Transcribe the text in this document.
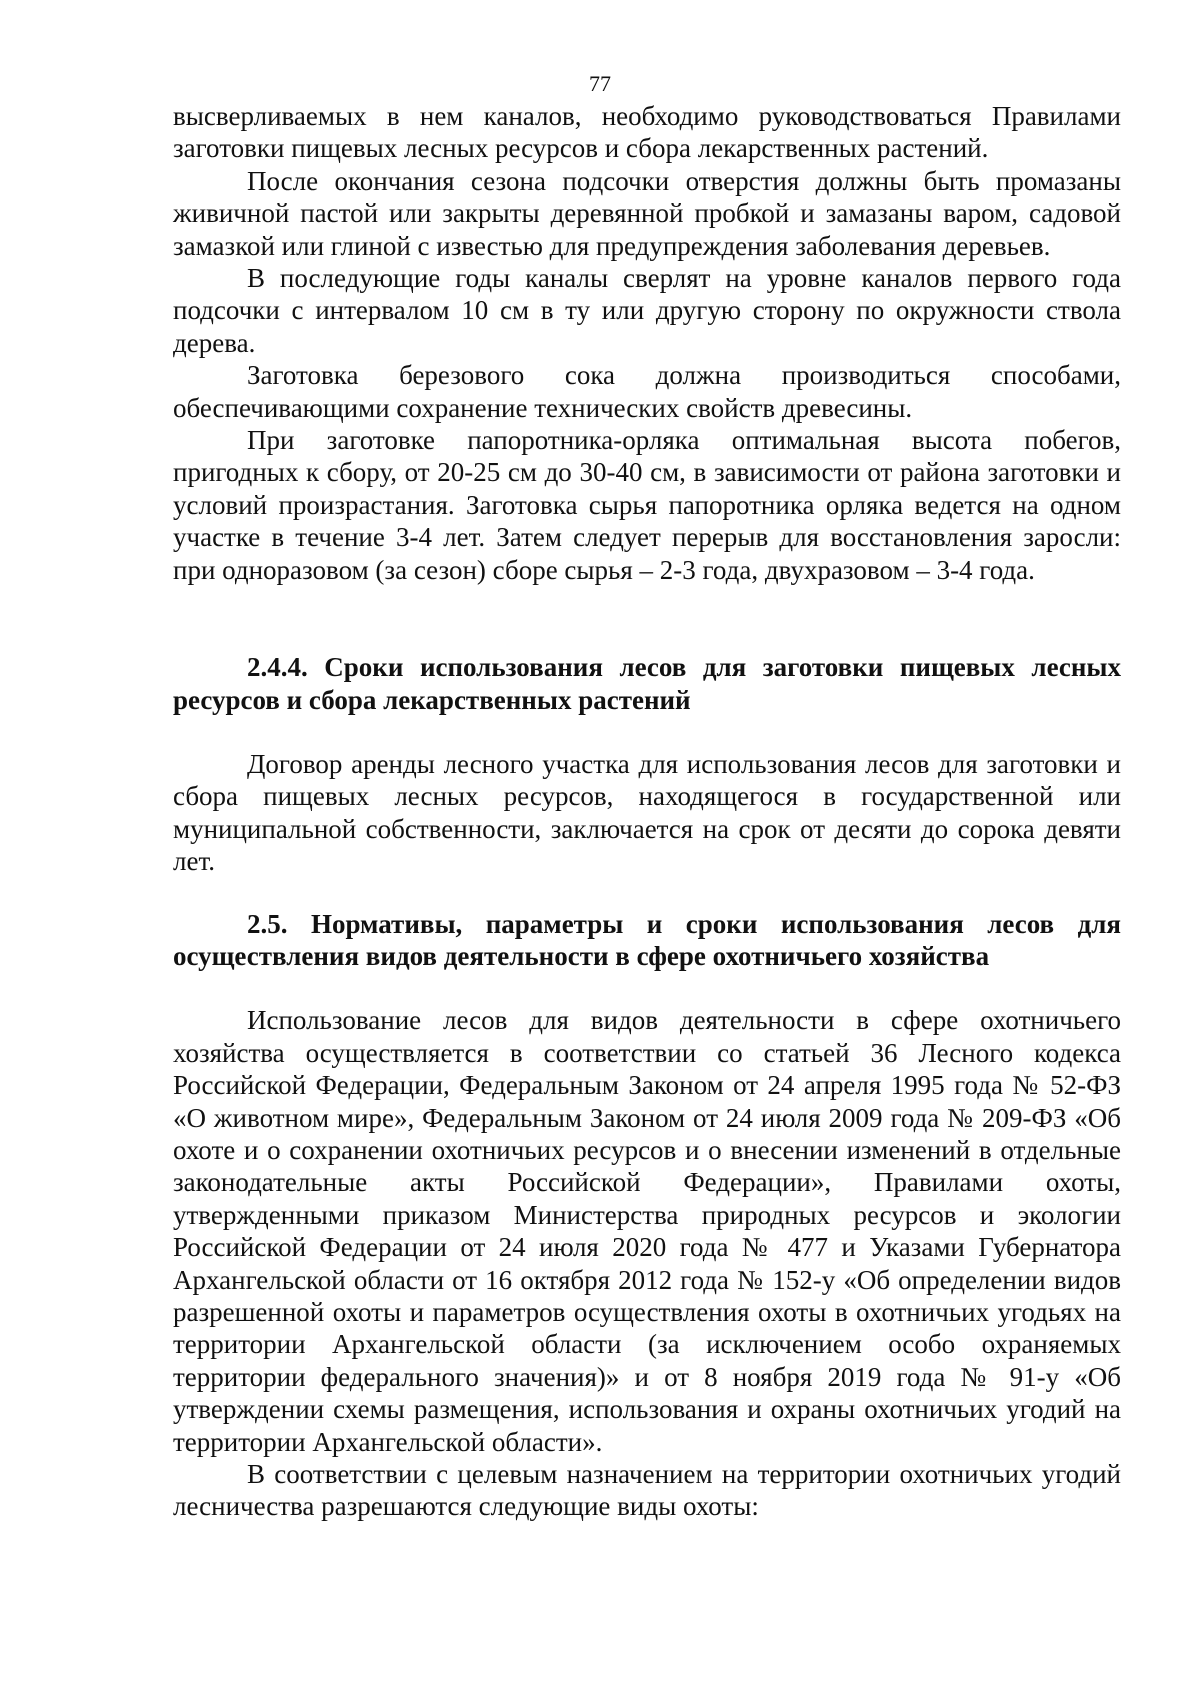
77

высверливаемых в нем каналов, необходимо руководствоваться Правилами заготовки пищевых лесных ресурсов и сбора лекарственных растений.

После окончания сезона подсочки отверстия должны быть промазаны живичной пастой или закрыты деревянной пробкой и замазаны варом, садовой замазкой или глиной с известью для предупреждения заболевания деревьев.

В последующие годы каналы сверлят на уровне каналов первого года подсочки с интервалом 10 см в ту или другую сторону по окружности ствола дерева.

Заготовка березового сока должна производиться способами, обеспечивающими сохранение технических свойств древесины.

При заготовке папоротника-орляка оптимальная высота побегов, пригодных к сбору, от 20-25 см до 30-40 см, в зависимости от района заготовки и условий произрастания. Заготовка сырья папоротника орляка ведется на одном участке в течение 3-4 лет. Затем следует перерыв для восстановления заросли: при одноразовом (за сезон) сборе сырья – 2-3 года, двухразовом – 3-4 года.

2.4.4. Сроки использования лесов для заготовки пищевых лесных ресурсов и сбора лекарственных растений

Договор аренды лесного участка для использования лесов для заготовки и сбора пищевых лесных ресурсов, находящегося в государственной или муниципальной собственности, заключается на срок от десяти до сорока девяти лет.

2.5. Нормативы, параметры и сроки использования лесов для осуществления видов деятельности в сфере охотничьего хозяйства

Использование лесов для видов деятельности в сфере охотничьего хозяйства осуществляется в соответствии со статьей 36 Лесного кодекса Российской Федерации, Федеральным Законом от 24 апреля 1995 года № 52-ФЗ «О животном мире», Федеральным Законом от 24 июля 2009 года № 209-ФЗ «Об охоте и о сохранении охотничьих ресурсов и о внесении изменений в отдельные законодательные акты Российской Федерации», Правилами охоты, утвержденными приказом Министерства природных ресурсов и экологии Российской Федерации от 24 июля 2020 года № 477 и Указами Губернатора Архангельской области от 16 октября 2012 года № 152-у «Об определении видов разрешенной охоты и параметров осуществления охоты в охотничьих угодьях на территории Архангельской области (за исключением особо охраняемых территории федерального значения)» и от 8 ноября 2019 года № 91-у «Об утверждении схемы размещения, использования и охраны охотничьих угодий на территории Архангельской области».

В соответствии с целевым назначением на территории охотничьих угодий лесничества разрешаются следующие виды охоты:
